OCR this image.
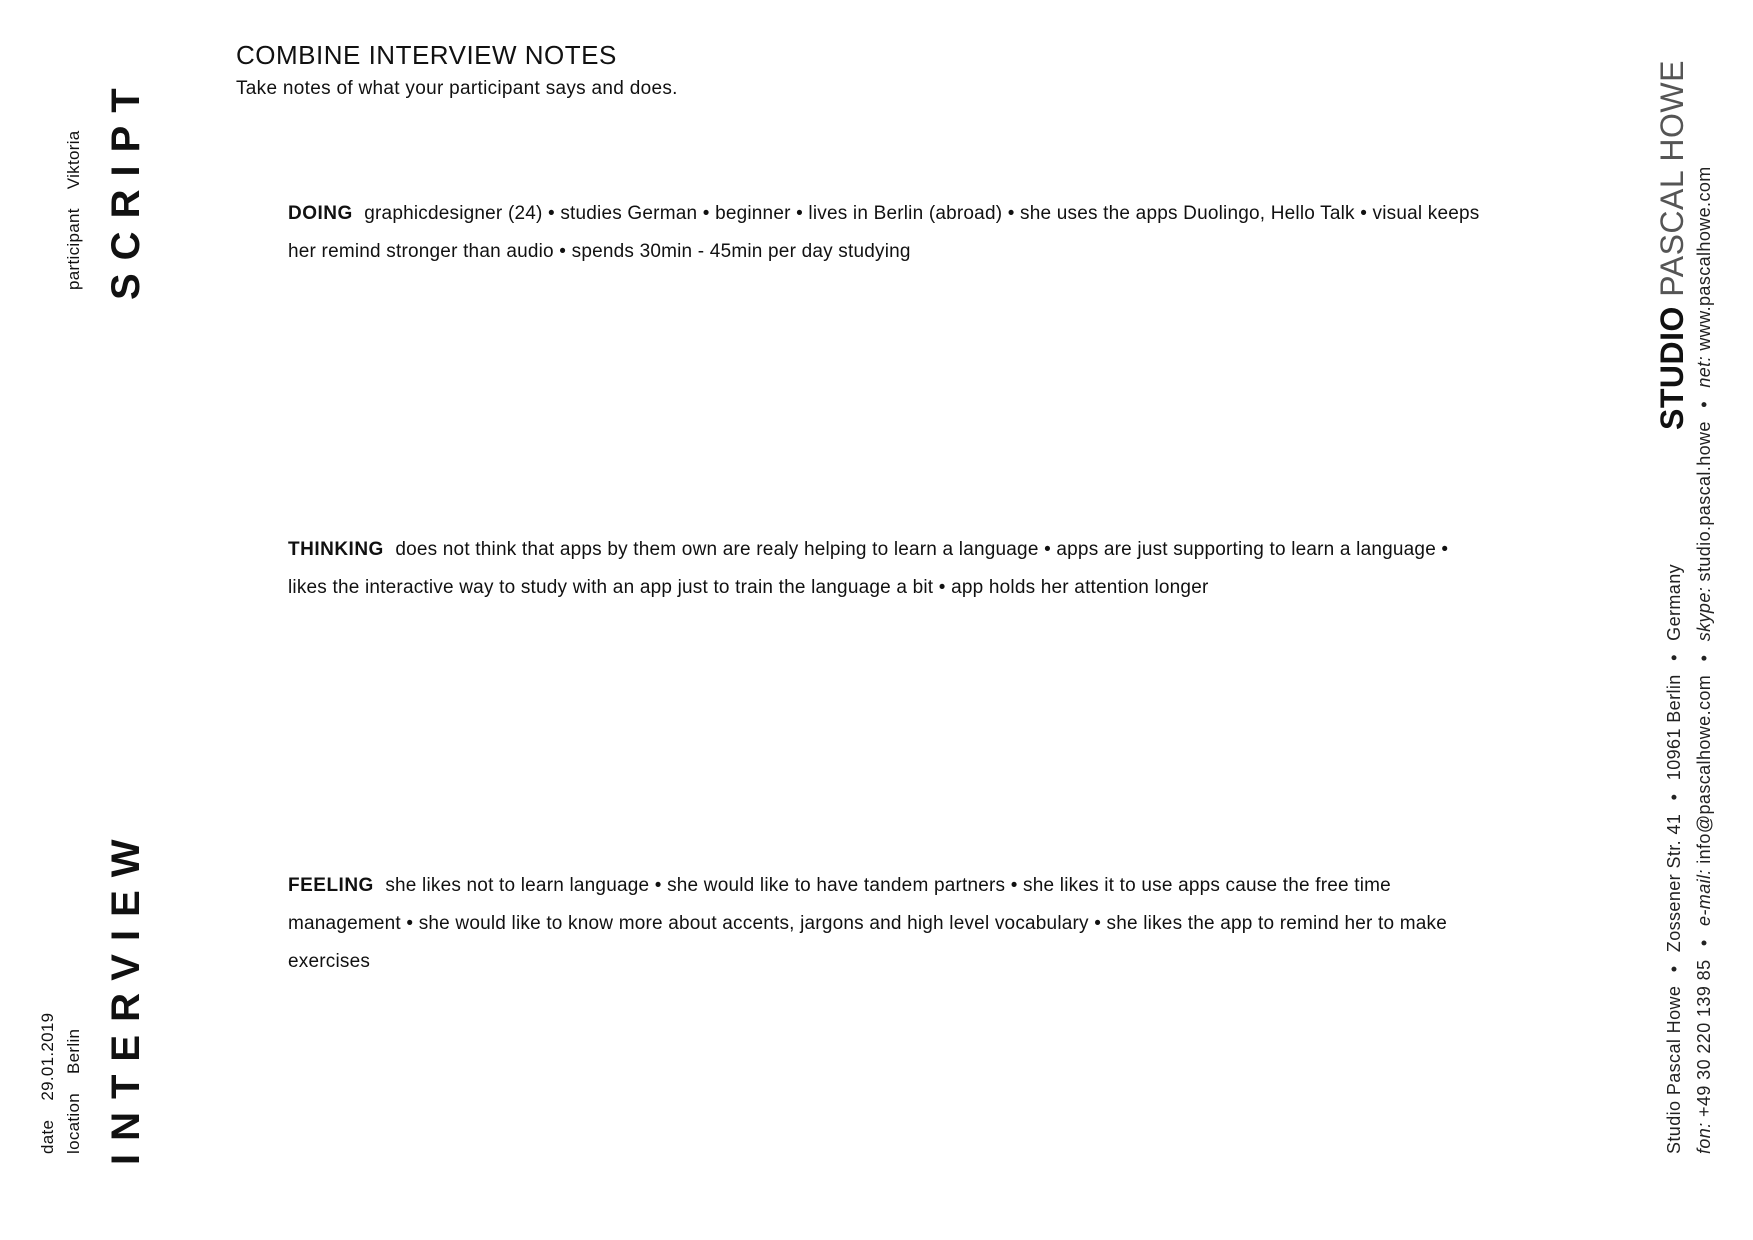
COMBINE INTERVIEW NOTES

Take notes of what your participant says and does.

DOING graphicdesigner (24) • studies German • beginner • lives in Berlin (abroad) • she uses the apps Duolingo, Hello Talk • visual keeps her remind stronger than audio • spends 30min - 45min per day studying

THINKING does not think that apps by them own are realy helping to learn a language • apps are just supporting to learn a language • likes the interactive way to study with an app just to train the language a bit • app holds her attention longer

FEELING she likes not to learn language • she would like to have tandem partners • she likes it to use apps cause the free time management • she would like to know more about accents, jargons and high level vocabulary • she likes the app to remind her to make exercises

SCRIPT
INTERVIEW
participant Viktoria
date 29.01.2019
location Berlin
STUDIO PASCAL HOWE
Studio Pascal Howe • Zossener Str. 41 • 10961 Berlin • Germany
fon: +49 30 220 139 85 • e-mail: info@pascalhowe.com • skype: studio.pascal.howe • net: www.pascalhowe.com
